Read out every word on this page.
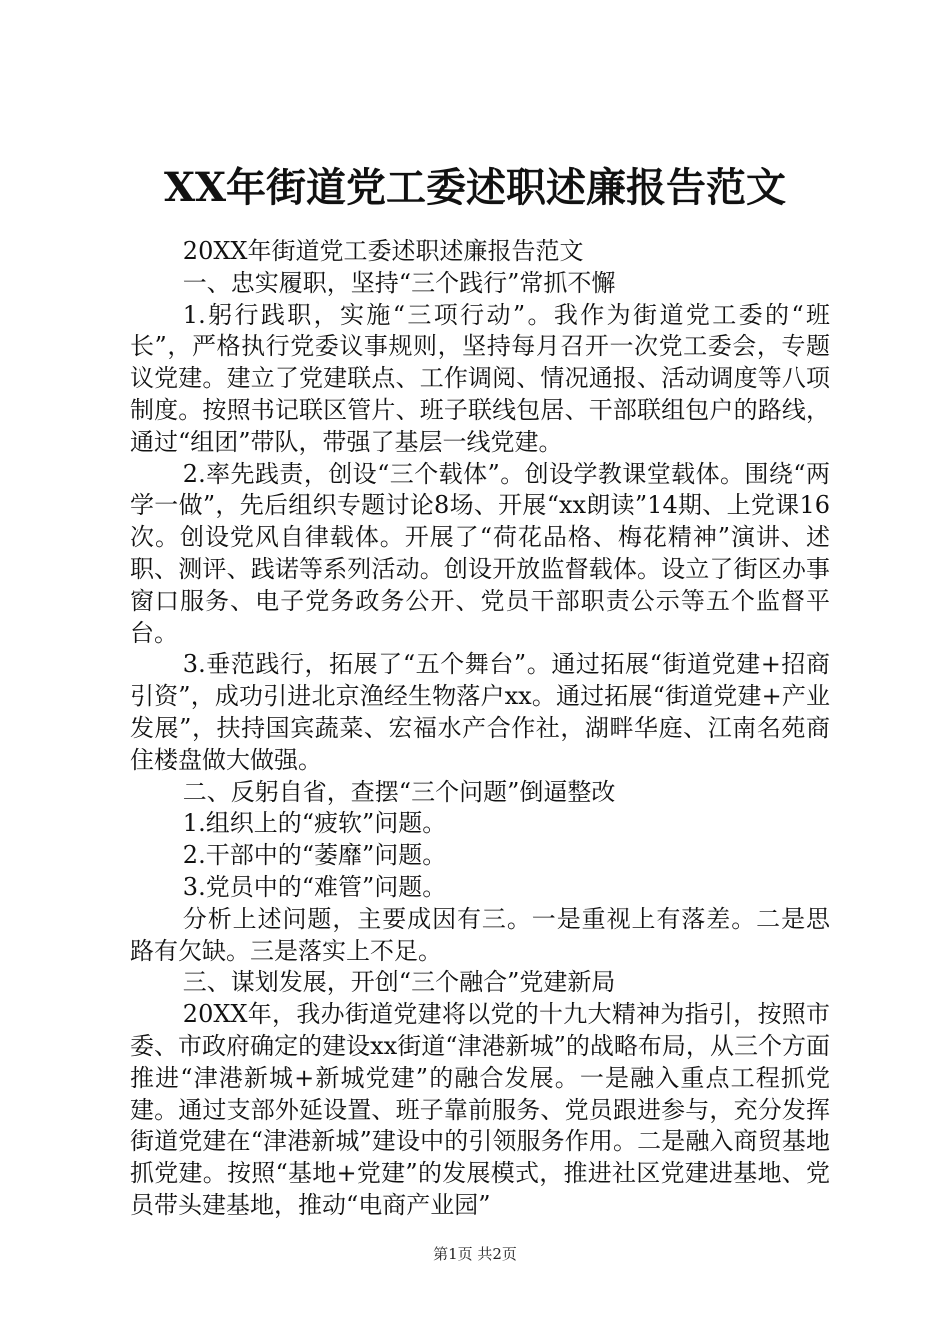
XX年街道党工委述职述廉报告范文

20XX年街道党工委述职述廉报告范文

一、忠实履职，坚持“三个践行”常抓不懈

1.躬行践职，实施“三项行动”。我作为街道党工委的“班长”，严格执行党委议事规则，坚持每月召开一次党工委会，专题议党建。建立了党建联点、工作调阅、情况通报、活动调度等八项制度。按照书记联区管片、班子联线包居、干部联组包户的路线，通过“组团”带队，带强了基层一线党建。

2.率先践责，创设“三个载体”。创设学教课堂载体。围绕“两学一做”，先后组织专题讨论8场、开展“xx朗读”14期、上党课16次。创设党风自律载体。开展了“荷花品格、梅花精神”演讲、述职、测评、践诺等系列活动。创设开放监督载体。设立了街区办事窗口服务、电子党务政务公开、党员干部职责公示等五个监督平台。

3.垂范践行，拓展了“五个舞台”。通过拓展“街道党建+招商引资”，成功引进北京渔经生物落户xx。通过拓展“街道党建+产业发展”，扶持国宾蔬菜、宏福水产合作社，湖畔华庭、江南名苑商住楼盘做大做强。

二、反躬自省，查摆“三个问题”倒逼整改

1.组织上的“疲软”问题。

2.干部中的“萎靡”问题。

3.党员中的“难管”问题。

分析上述问题，主要成因有三。一是重视上有落差。二是思路有欠缺。三是落实上不足。

三、谋划发展，开创“三个融合”党建新局

20XX年，我办街道党建将以党的十九大精神为指引，按照市委、市政府确定的建设xx街道“津港新城”的战略布局，从三个方面推进“津港新城+新城党建”的融合发展。一是融入重点工程抓党建。通过支部外延设置、班子靠前服务、党员跟进参与，充分发挥街道党建在“津港新城”建设中的引领服务作用。二是融入商贸基地抓党建。按照“基地+党建”的发展模式，推进社区党建进基地、党员带头建基地，推动“电商产业园”

第1页 共2页
